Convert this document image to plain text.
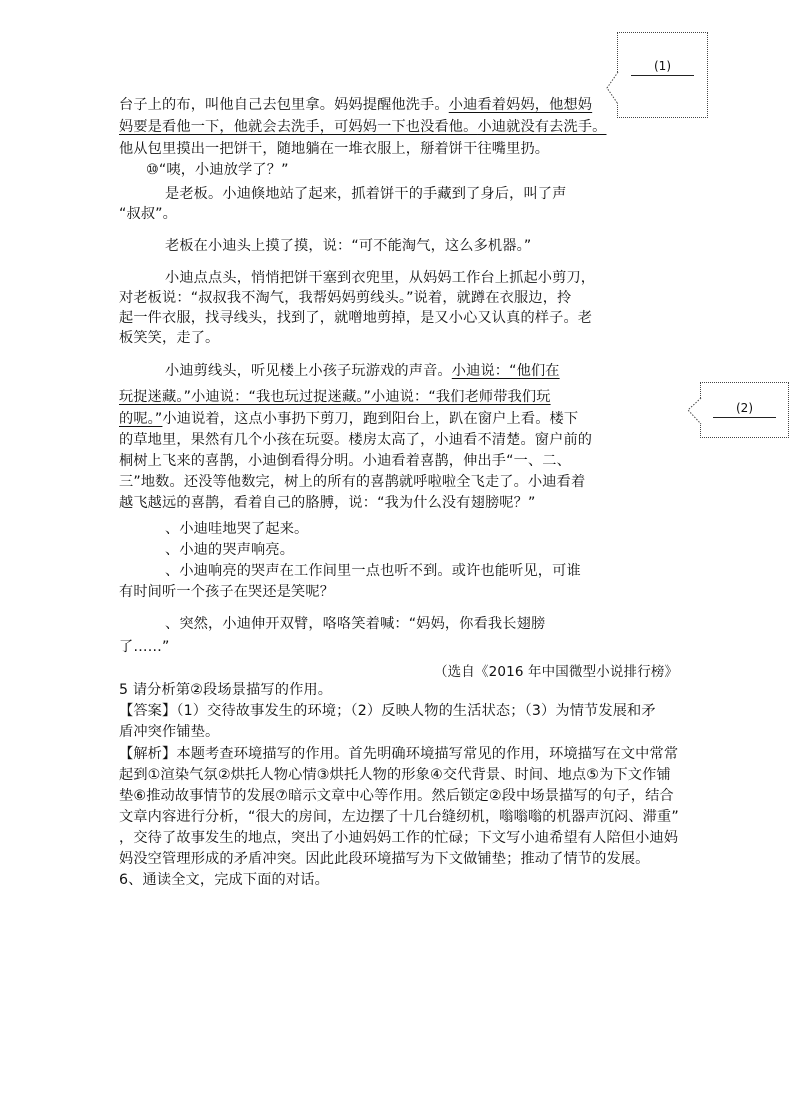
(1)
(2)
台子上的布，叫他自己去包里拿。妈妈提醒他洗手。小迪看着妈妈，他想妈
妈要是看他一下，他就会去洗手，可妈妈一下也没看他。小迪就没有去洗手。
他从包里摸出一把饼干，随地躺在一堆衣服上，掰着饼干往嘴里扔。
⑩“咦，小迪放学了？”
是老板。小迪倏地站了起来，抓着饼干的手藏到了身后，叫了声
“叔叔”。
老板在小迪头上摸了摸，说：“可不能淘气，这么多机器。”
小迪点点头，悄悄把饼干塞到衣兜里，从妈妈工作台上抓起小剪刀，
对老板说：“叔叔我不淘气，我帮妈妈剪线头。”说着，就蹲在衣服边，拎
起一件衣服，找寻线头，找到了，就噌地剪掉，是又小心又认真的样子。老
板笑笑，走了。
小迪剪线头，听见楼上小孩子玩游戏的声音。小迪说：“他们在
玩捉迷藏。”小迪说：“我也玩过捉迷藏。”小迪说：“我们老师带我们玩
的呢。”小迪说着，这点小事扔下剪刀，跑到阳台上，趴在窗户上看。楼下
的草地里，果然有几个小孩在玩耍。楼房太高了，小迪看不清楚。窗户前的
桐树上飞来的喜鹊，小迪倒看得分明。小迪看着喜鹊，伸出手“一、二、
三”地数。还没等他数完，树上的所有的喜鹊就呼啦啦全飞走了。小迪看着
越飞越远的喜鹊，看着自己的胳膊，说：“我为什么没有翅膀呢？”
、小迪哇地哭了起来。
、小迪的哭声响亮。
、小迪响亮的哭声在工作间里一点也听不到。或许也能听见，可谁
有时间听一个孩子在哭还是笑呢？
、突然，小迪伸开双臂，咯咯笑着喊：“妈妈，你看我长翅膀
了……”
（选自《2016 年中国微型小说排行榜》
5 请分析第②段场景描写的作用。
【答案】（1）交待故事发生的环境；（2）反映人物的生活状态；（3）为情节发展和矛
盾冲突作铺垫。
【解析】本题考查环境描写的作用。首先明确环境描写常见的作用，环境描写在文中常常
起到①渲染气氛②烘托人物心情③烘托人物的形象④交代背景、时间、地点⑤为下文作铺
垫⑥推动故事情节的发展⑦暗示文章中心等作用。然后锁定②段中场景描写的句子，结合
文章内容进行分析，“很大的房间，左边摆了十几台缝纫机，嗡嗡嗡的机器声沉闷、滞重”
，交待了故事发生的地点，突出了小迪妈妈工作的忙碌；下文写小迪希望有人陪但小迪妈
妈没空管理形成的矛盾冲突。因此此段环境描写为下文做铺垫；推动了情节的发展。
6、通读全文，完成下面的对话。
